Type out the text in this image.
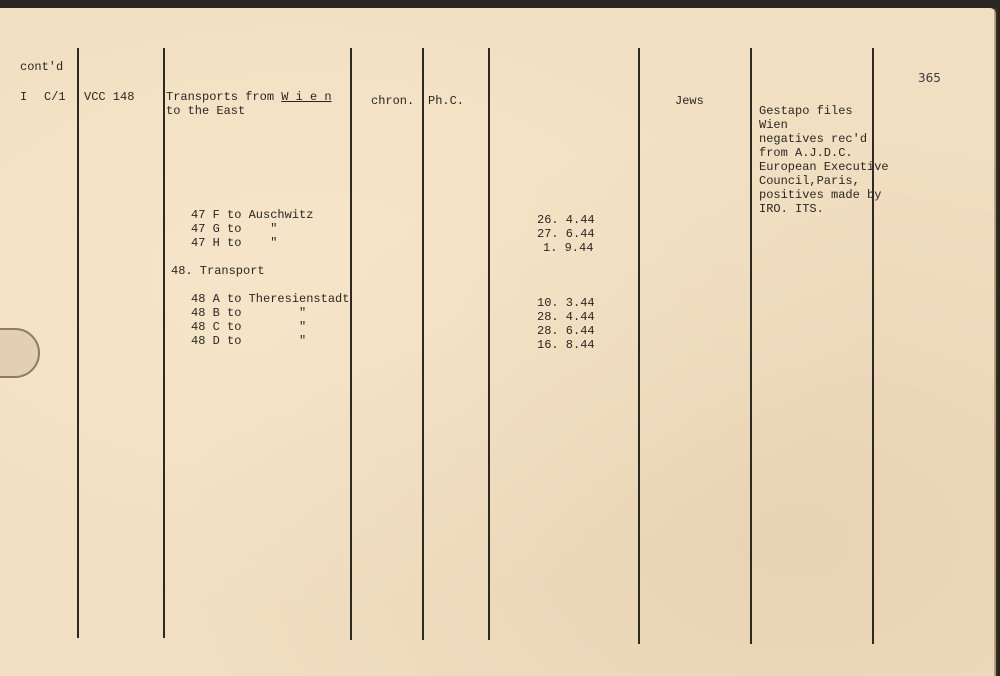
cont'd
365
I C/1 VCC 148	Transports from W i e n
to the East
chron. Ph.C.	Jews
Gestapo files
Wien
negatives rec'd
from A.J.D.C.
European Executive
Council,Paris,
positives made by
IRO. ITS.
47 F to Auschwitz
47 G to    "
47 H to    "
26. 4.44
27. 6.44
1. 9.44
48. Transport
48 A to Theresienstadt
48 B to        "
48 C to        "
48 D to        "
10. 3.44
28. 4.44
28. 6.44
16. 8.44
